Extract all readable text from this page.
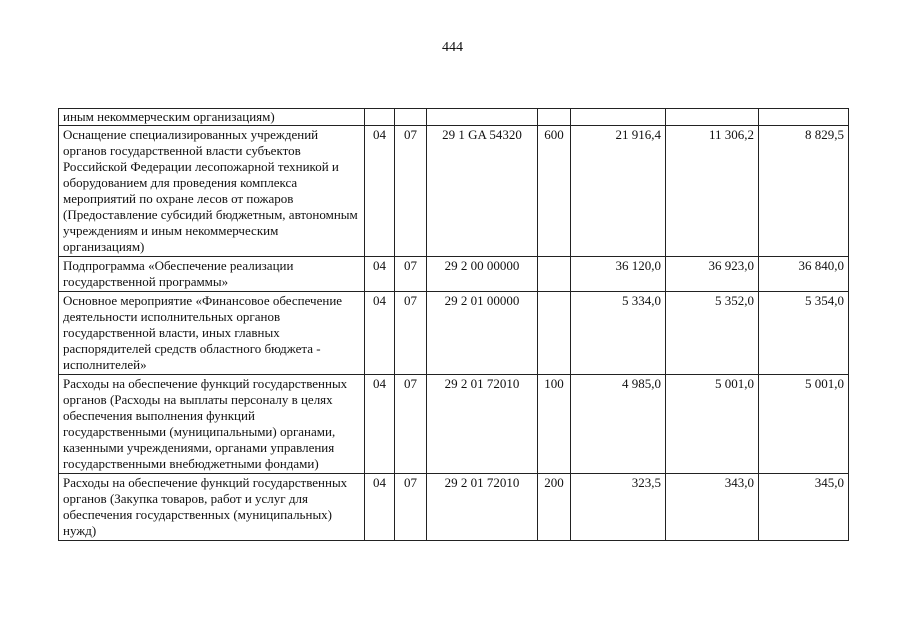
444
иным некоммерческим организациям)							
Оснащение специализированных учреждений органов государственной власти субъектов Российской Федерации лесопожарной техникой и оборудованием для проведения комплекса мероприятий по охране лесов от пожаров (Предоставление субсидий бюджетным, автономным учреждениям и иным некоммерческим организациям)	04	07	29 1 GA 54320	600	21 916,4	11 306,2	8 829,5
Подпрограмма «Обеспечение реализации государственной программы»	04	07	29 2 00 00000		36 120,0	36 923,0	36 840,0
Основное мероприятие «Финансовое обеспечение деятельности исполнительных органов государственной власти, иных главных распорядителей средств областного бюджета - исполнителей»	04	07	29 2 01 00000		5 334,0	5 352,0	5 354,0
Расходы на обеспечение функций государственных органов (Расходы на выплаты персоналу в целях обеспечения выполнения функций государственными (муниципальными) органами, казенными учреждениями, органами управления государственными внебюджетными фондами)	04	07	29 2 01 72010	100	4 985,0	5 001,0	5 001,0
Расходы на обеспечение функций государственных органов (Закупка товаров, работ и услуг для обеспечения государственных (муниципальных) нужд)	04	07	29 2 01 72010	200	323,5	343,0	345,0
